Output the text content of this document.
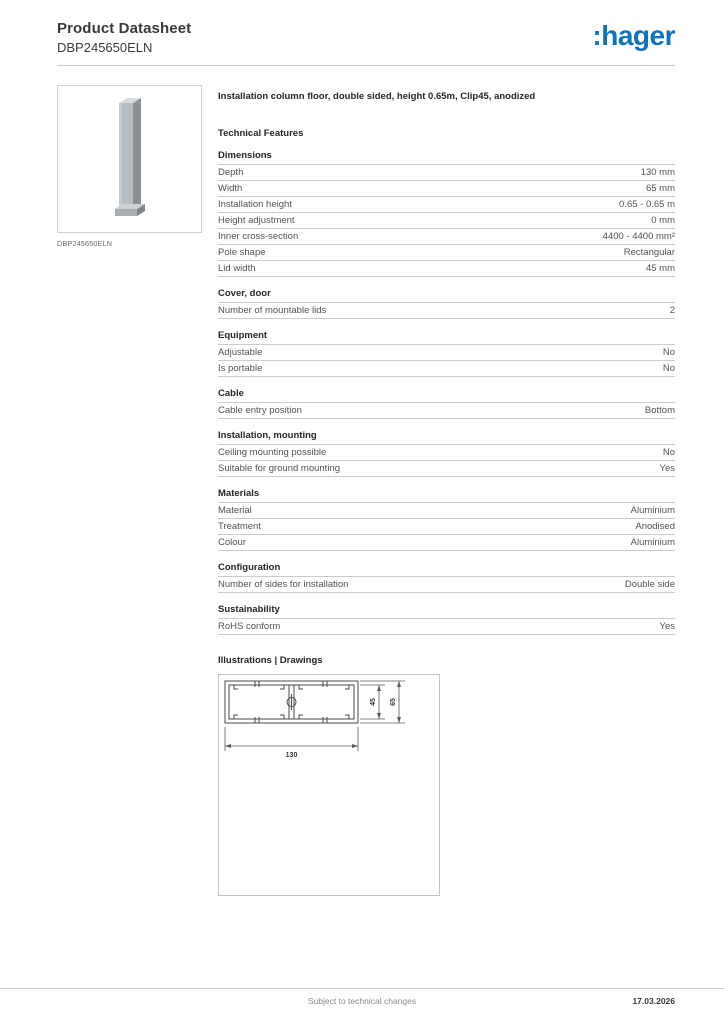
Product Datasheet
DBP245650ELN	:hager
DBP245650ELN
Installation column floor, double sided, height 0.65m, Clip45, anodized
Technical Features
Dimensions
Depth	130 mm
Width	65 mm
Installation height	0.65 - 0.65 m
Height adjustment	0 mm
Inner cross-section	4400 - 4400 mm²
Pole shape	Rectangular
Lid width	45 mm
Cover, door
Number of mountable lids	2
Equipment
Adjustable	No
Is portable	No
Cable
Cable entry position	Bottom
Installation, mounting
Ceiling mounting possible	No
Suitable for ground mounting	Yes
Materials
Material	Aluminium
Treatment	Anodised
Colour	Aluminium
Configuration
Number of sides for installation	Double side
Sustainability
RoHS conform	Yes
Illustrations | Drawings
130
45 65
Subject to technical changes	17.03.2026
